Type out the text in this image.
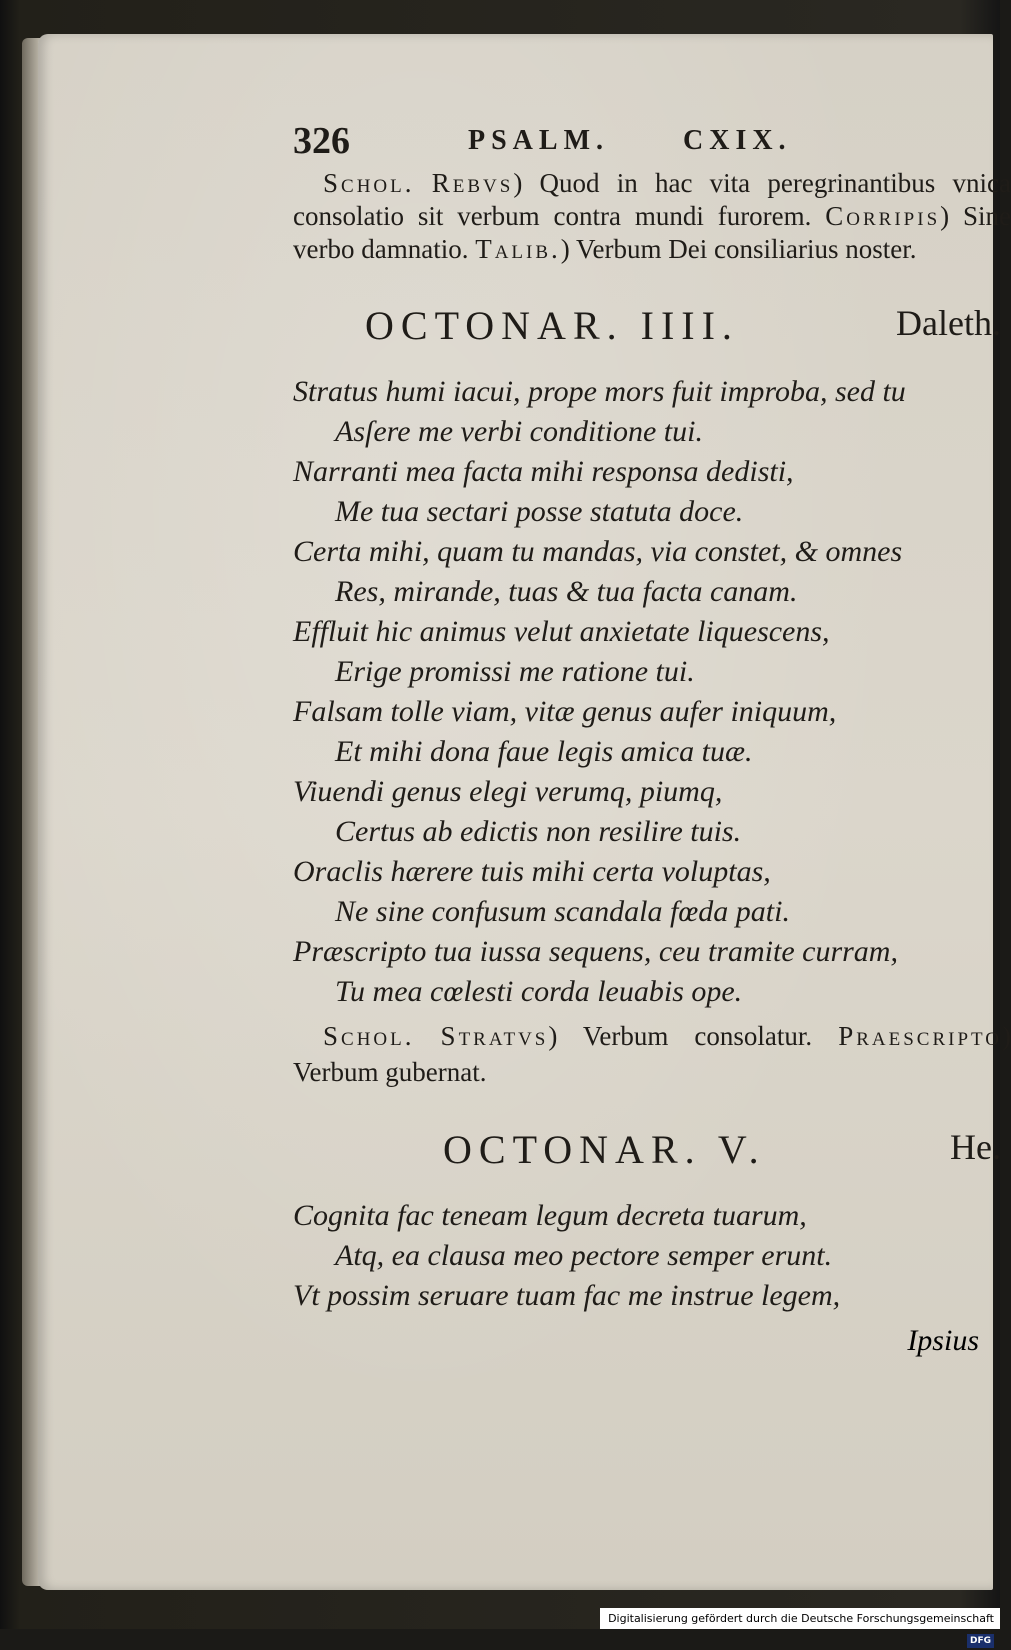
326	PSALM.	CXIX.

Schol. Rebvs) Quod in hac vita peregrinantibus vnica consolatio sit verbum contra mundi furorem. Corripis) Sine verbo damnatio. Talib.) Verbum Dei consiliarius noster.

OCTONAR. IIII.	Daleth.
Stratus humi iacui, prope mors fuit improba, sed tu
Asſere me verbi conditione tui.
Narranti mea facta mihi responsa dedisti,
Me tua sectari posse statuta doce.
Certa mihi, quam tu mandas, via constet, & omnes
Res, mirande, tuas & tua facta canam.
Effluit hic animus velut anxietate liquescens,
Erige promissi me ratione tui.
Falsam tolle viam, vitæ genus aufer iniquum,
Et mihi dona faue legis amica tuæ.
Viuendi genus elegi verumq, piumq,
Certus ab edictis non resilire tuis.
Oraclis hærere tuis mihi certa voluptas,
Ne sine confusum scandala fœda pati.
Præscripto tua iussa sequens, ceu tramite curram,
Tu mea cœlesti corda leuabis ope.

Schol. Stratvs) Verbum consolatur. Praescripto) Verbum gubernat.

OCTONAR. V.	He.
Cognita fac teneam legum decreta tuarum,
Atq, ea clausa meo pectore semper erunt.
Vt possim seruare tuam fac me instrue legem,
Ipsius
Digitalisierung gefördert durch die Deutsche Forschungsgemeinschaft DFG
